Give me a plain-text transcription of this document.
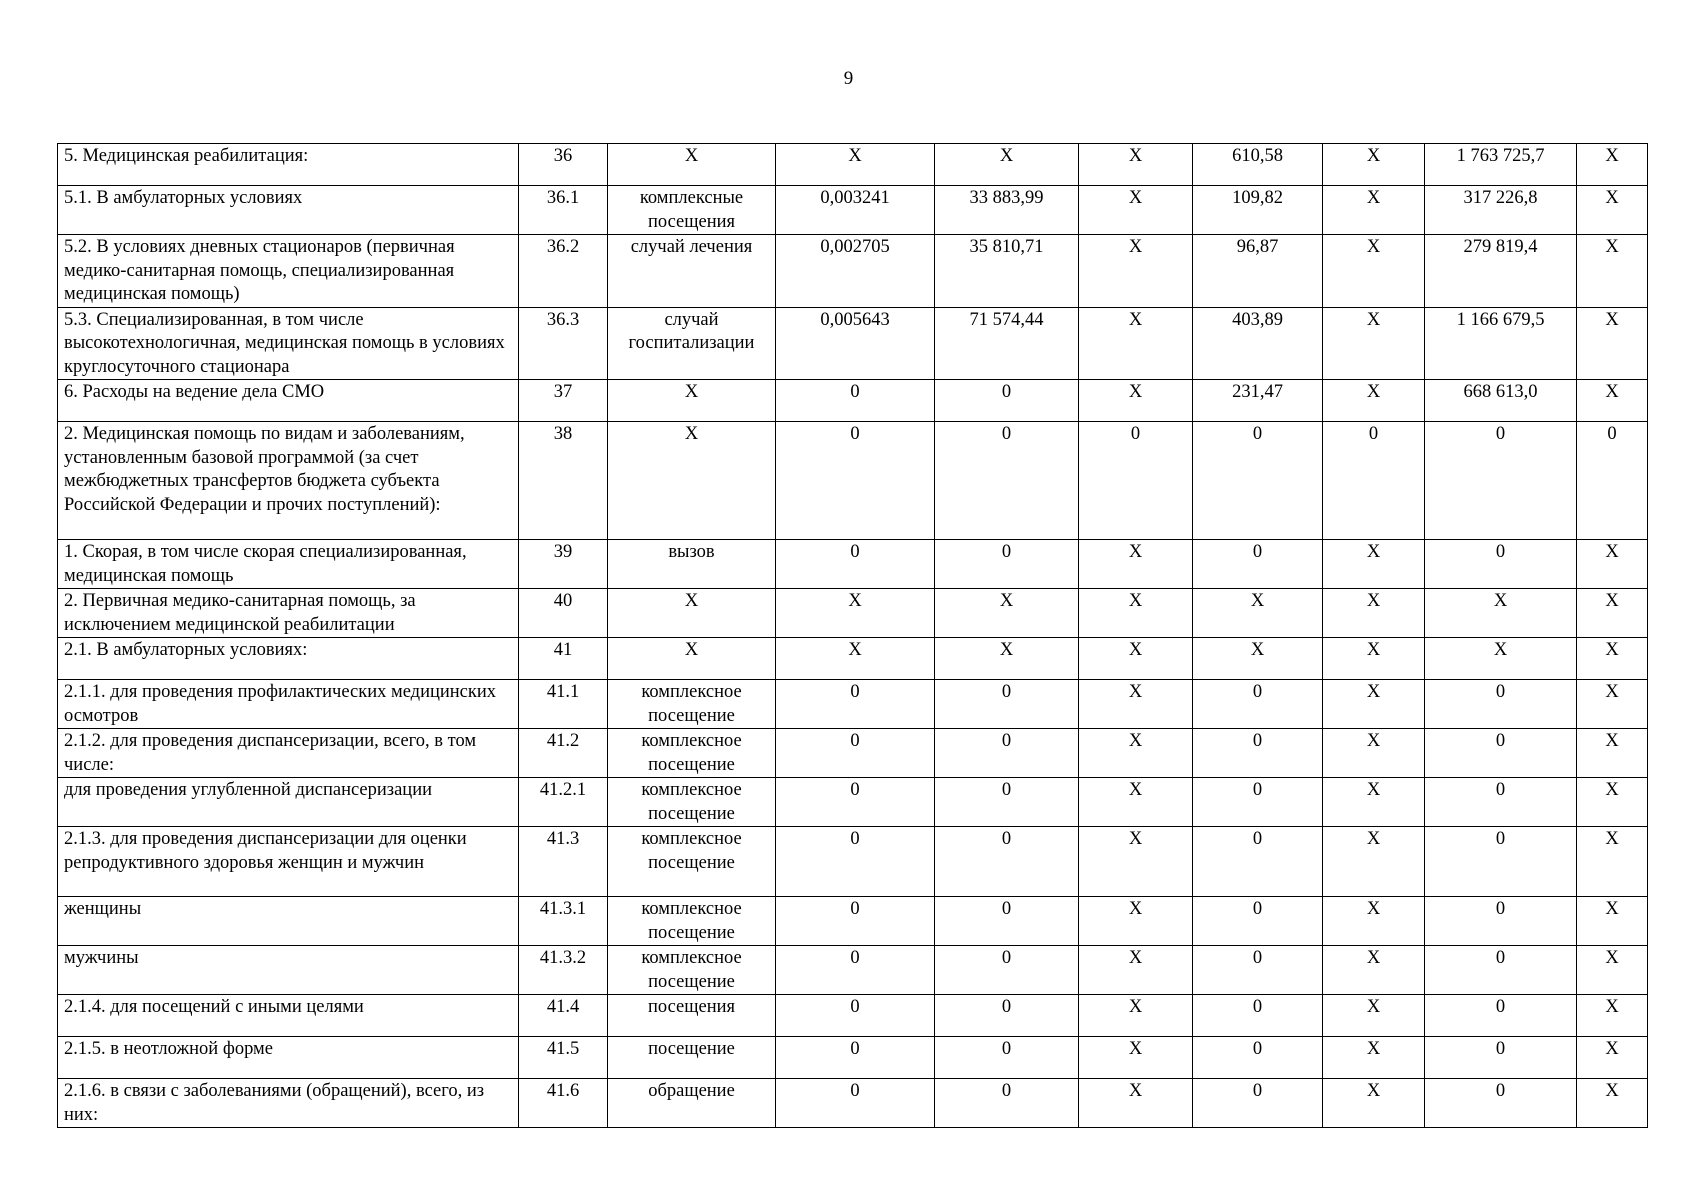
9
5. Медицинская реабилитация:	36	X	X	X	X	610,58	X	1 763 725,7	X
5.1. В амбулаторных условиях	36.1	комплексные посещения	0,003241	33 883,99	X	109,82	X	317 226,8	X
5.2. В условиях дневных стационаров (первичная медико-санитарная помощь, специализированная медицинская помощь)	36.2	случай лечения	0,002705	35 810,71	X	96,87	X	279 819,4	X
5.3. Специализированная, в том числе высокотехнологичная, медицинская помощь в условиях круглосуточного стационара	36.3	случай госпитализации	0,005643	71 574,44	X	403,89	X	1 166 679,5	X
6. Расходы на ведение дела СМО	37	X	0	0	X	231,47	X	668 613,0	X
2. Медицинская помощь по видам и заболеваниям, установленным базовой программой (за счет межбюджетных трансфертов бюджета субъекта Российской Федерации и прочих поступлений):	38	X	0	0	0	0	0	0	0
1. Скорая, в том числе скорая специализированная, медицинская помощь	39	вызов	0	0	X	0	X	0	X
2. Первичная медико-санитарная помощь, за исключением медицинской реабилитации	40	X	X	X	X	X	X	X	X
2.1. В амбулаторных условиях:	41	X	X	X	X	X	X	X	X
2.1.1. для проведения профилактических медицинских осмотров	41.1	комплексное посещение	0	0	X	0	X	0	X
2.1.2. для проведения диспансеризации, всего, в том числе:	41.2	комплексное посещение	0	0	X	0	X	0	X
для проведения углубленной диспансеризации	41.2.1	комплексное посещение	0	0	X	0	X	0	X
2.1.3. для проведения диспансеризации для оценки репродуктивного здоровья женщин и мужчин	41.3	комплексное посещение	0	0	X	0	X	0	X
женщины	41.3.1	комплексное посещение	0	0	X	0	X	0	X
мужчины	41.3.2	комплексное посещение	0	0	X	0	X	0	X
2.1.4. для посещений с иными целями	41.4	посещения	0	0	X	0	X	0	X
2.1.5. в неотложной форме	41.5	посещение	0	0	X	0	X	0	X
2.1.6. в связи с заболеваниями (обращений), всего, из них:	41.6	обращение	0	0	X	0	X	0	X
